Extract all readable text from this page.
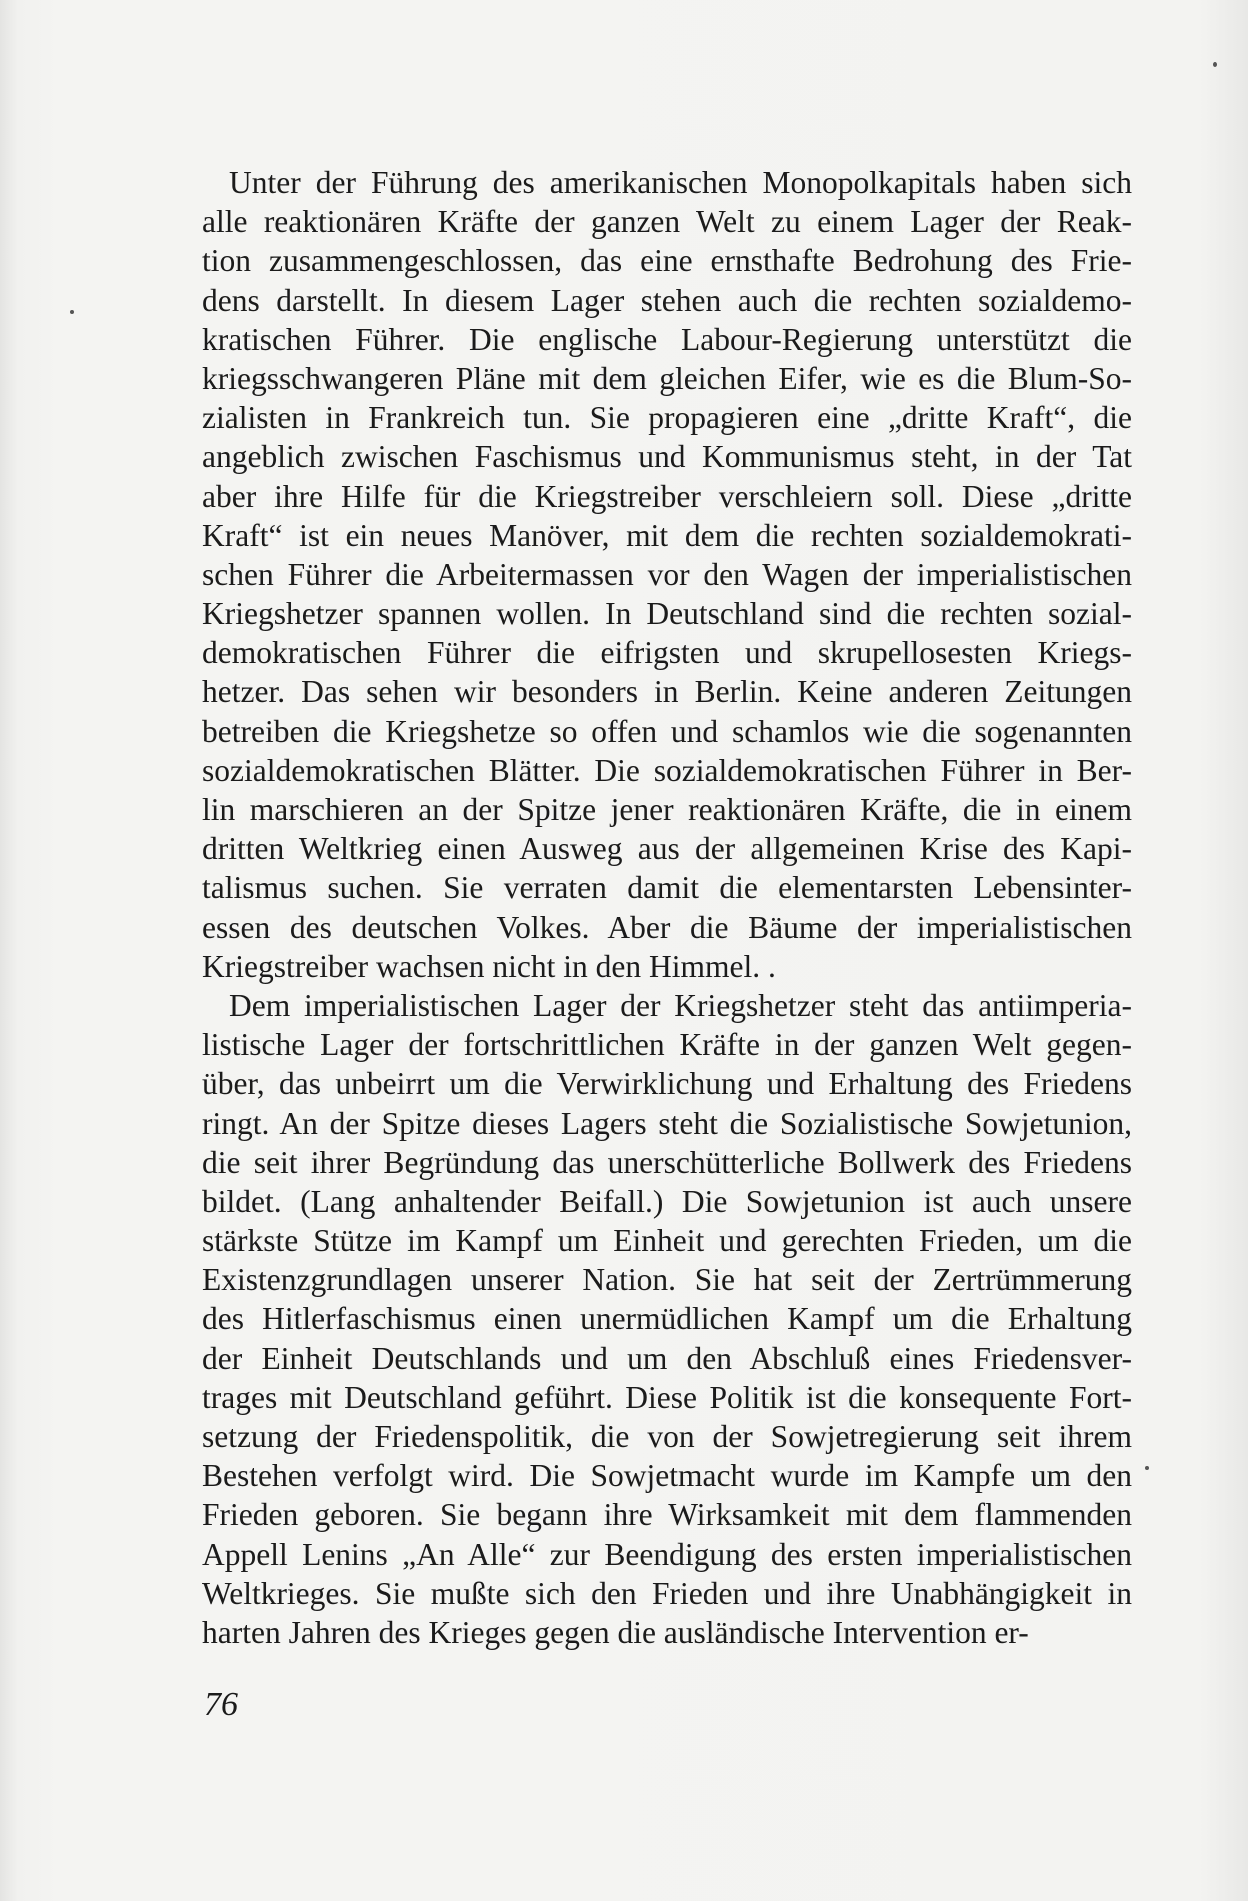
Unter der Führung des amerikanischen Monopolkapitals haben sich
alle reaktionären Kräfte der ganzen Welt zu einem Lager der Reak-
tion zusammengeschlossen, das eine ernsthafte Bedrohung des Frie-
dens darstellt. In diesem Lager stehen auch die rechten sozialdemo-
kratischen Führer. Die englische Labour-Regierung unterstützt die
kriegsschwangeren Pläne mit dem gleichen Eifer, wie es die Blum-So-
zialisten in Frankreich tun. Sie propagieren eine „dritte Kraft“, die
angeblich zwischen Faschismus und Kommunismus steht, in der Tat
aber ihre Hilfe für die Kriegstreiber verschleiern soll. Diese „dritte
Kraft“ ist ein neues Manöver, mit dem die rechten sozialdemokrati-
schen Führer die Arbeitermassen vor den Wagen der imperialistischen
Kriegshetzer spannen wollen. In Deutschland sind die rechten sozial-
demokratischen Führer die eifrigsten und skrupellosesten Kriegs-
hetzer. Das sehen wir besonders in Berlin. Keine anderen Zeitungen
betreiben die Kriegshetze so offen und schamlos wie die sogenannten
sozialdemokratischen Blätter. Die sozialdemokratischen Führer in Ber-
lin marschieren an der Spitze jener reaktionären Kräfte, die in einem
dritten Weltkrieg einen Ausweg aus der allgemeinen Krise des Kapi-
talismus suchen. Sie verraten damit die elementarsten Lebensinter-
essen des deutschen Volkes. Aber die Bäume der imperialistischen
Kriegstreiber wachsen nicht in den Himmel. .
Dem imperialistischen Lager der Kriegshetzer steht das antiimperia-
listische Lager der fortschrittlichen Kräfte in der ganzen Welt gegen-
über, das unbeirrt um die Verwirklichung und Erhaltung des Friedens
ringt. An der Spitze dieses Lagers steht die Sozialistische Sowjetunion,
die seit ihrer Begründung das unerschütterliche Bollwerk des Friedens
bildet. (Lang anhaltender Beifall.) Die Sowjetunion ist auch unsere
stärkste Stütze im Kampf um Einheit und gerechten Frieden, um die
Existenzgrundlagen unserer Nation. Sie hat seit der Zertrümmerung
des Hitlerfaschismus einen unermüdlichen Kampf um die Erhaltung
der Einheit Deutschlands und um den Abschluß eines Friedensver-
trages mit Deutschland geführt. Diese Politik ist die konsequente Fort-
setzung der Friedenspolitik, die von der Sowjetregierung seit ihrem
Bestehen verfolgt wird. Die Sowjetmacht wurde im Kampfe um den
Frieden geboren. Sie begann ihre Wirksamkeit mit dem flammenden
Appell Lenins „An Alle“ zur Beendigung des ersten imperialistischen
Weltkrieges. Sie mußte sich den Frieden und ihre Unabhängigkeit in
harten Jahren des Krieges gegen die ausländische Intervention er-
76
